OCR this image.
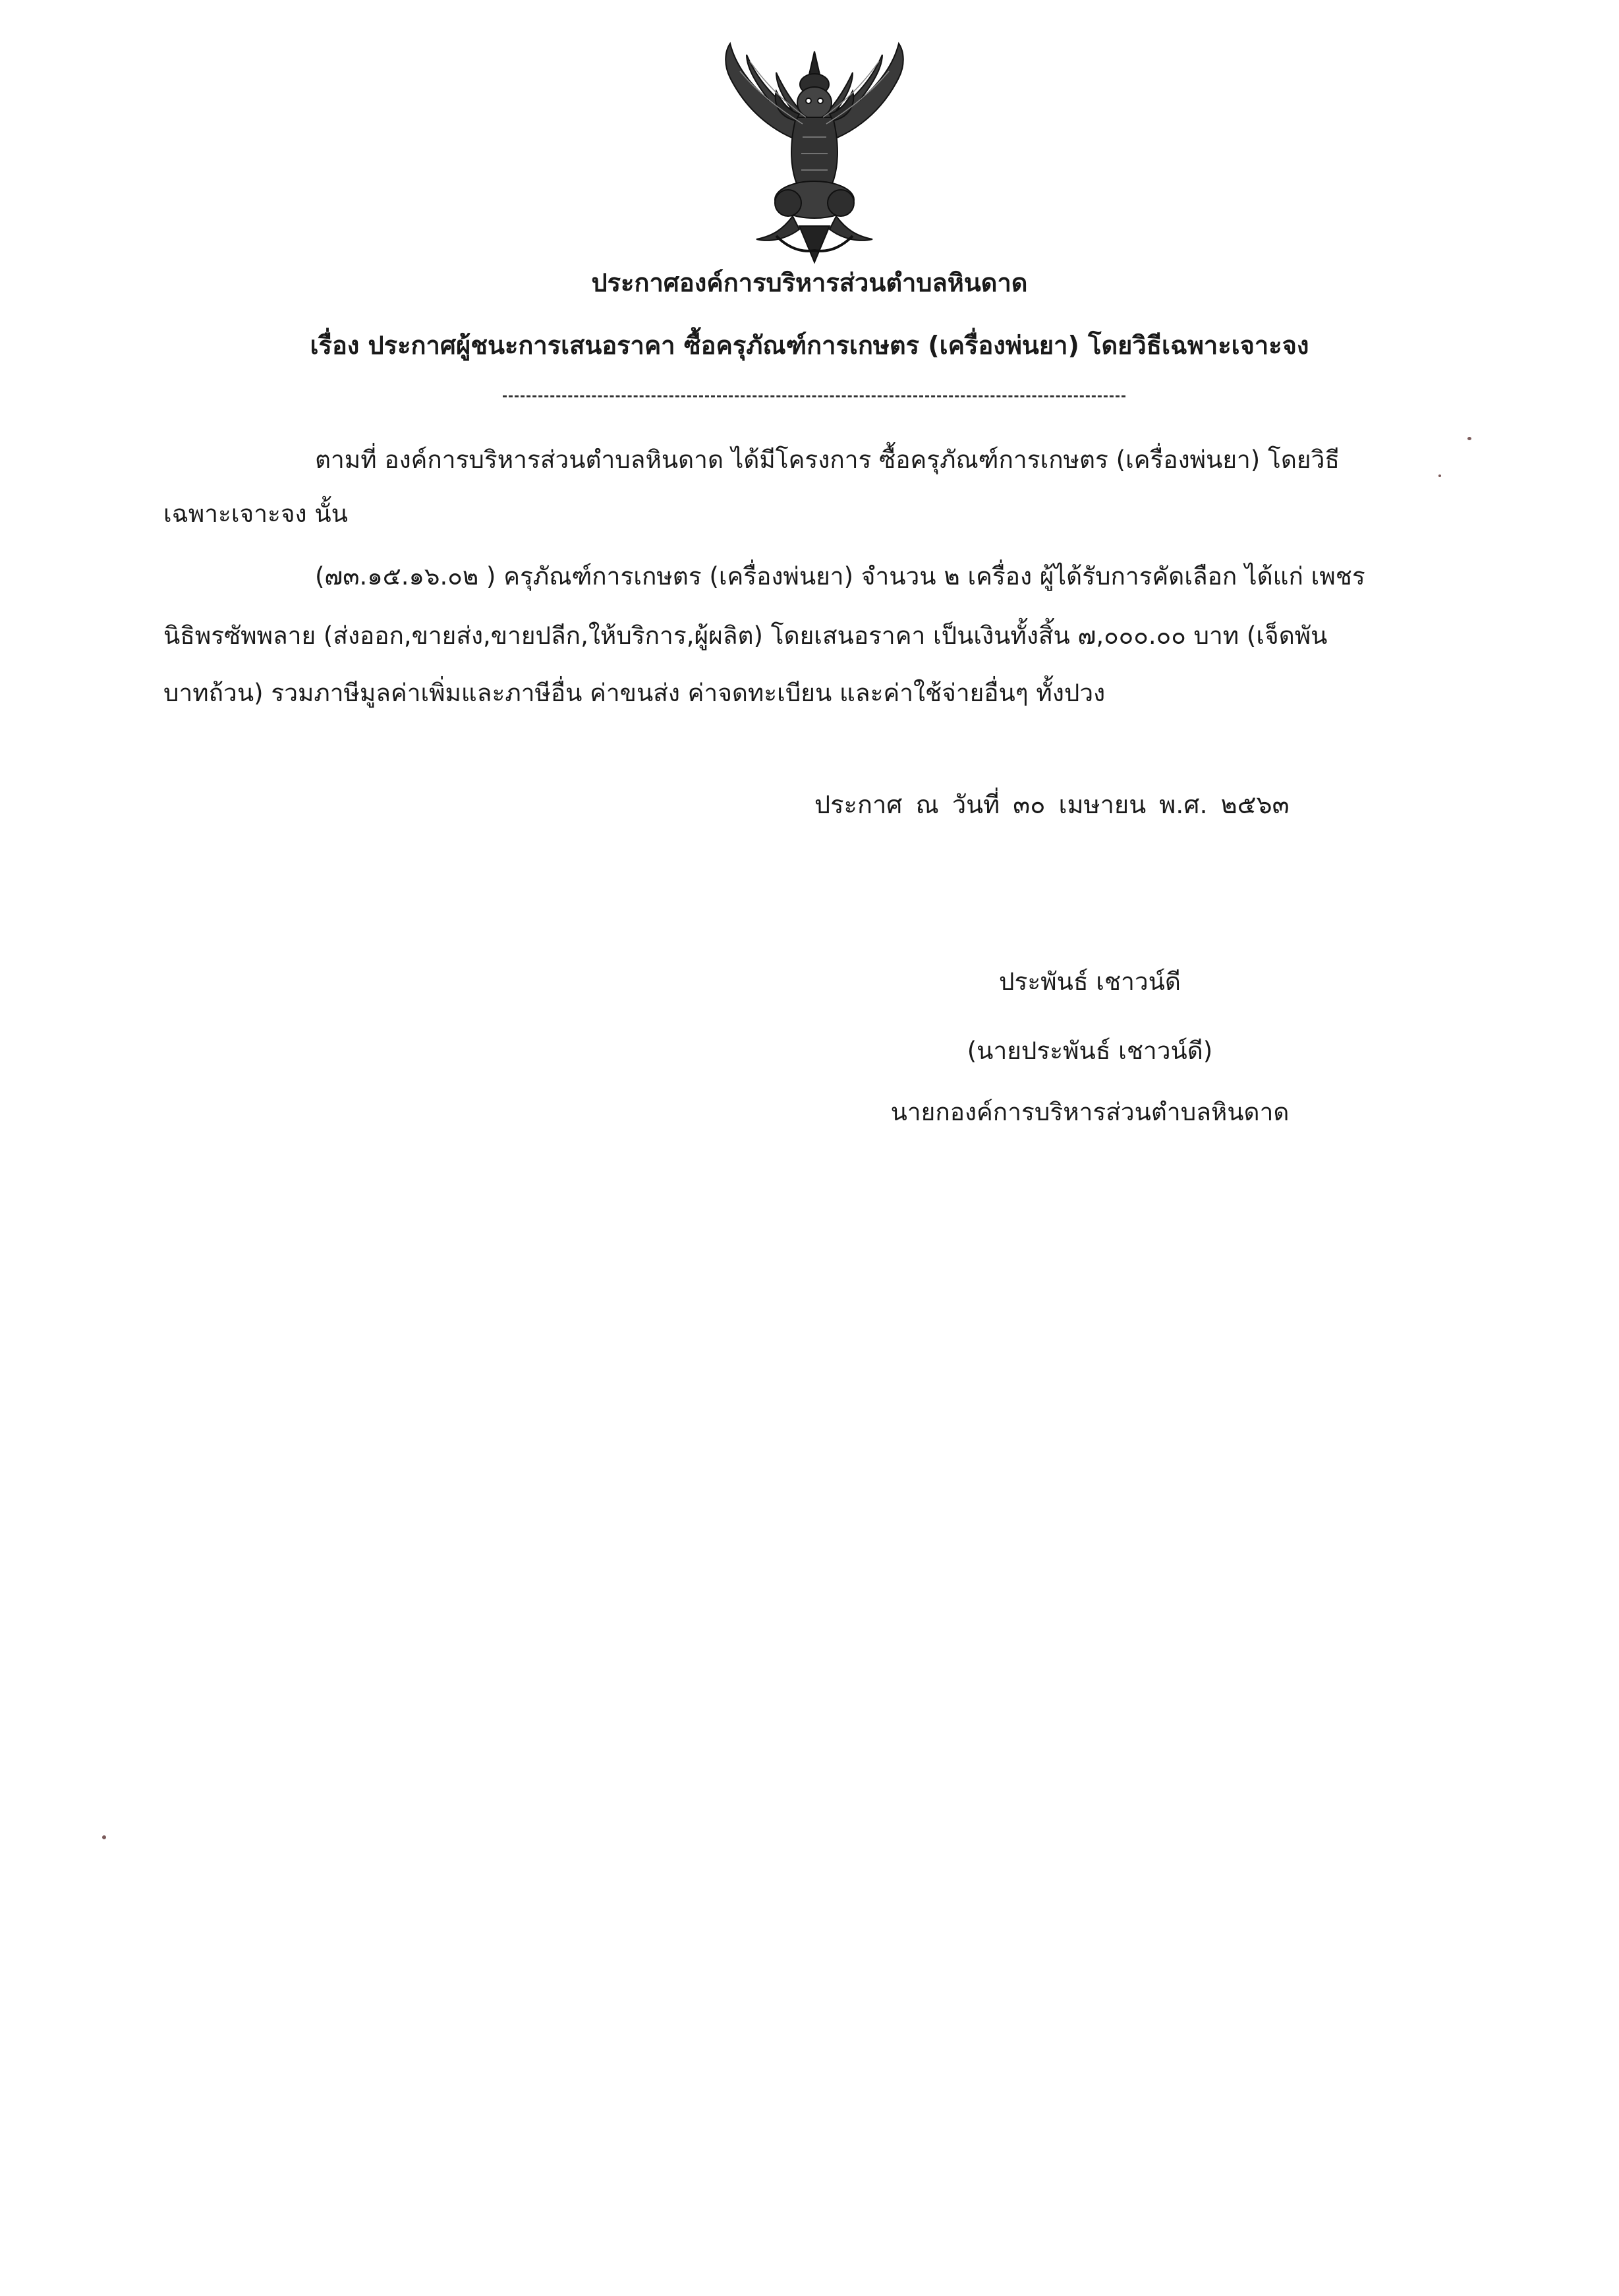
ประกาศองค์การบริหารส่วนตำบลหินดาด
เรื่อง ประกาศผู้ชนะการเสนอราคา ซื้อครุภัณฑ์การเกษตร (เครื่องพ่นยา) โดยวิธีเฉพาะเจาะจง
ตามที่ องค์การบริหารส่วนตำบลหินดาด ได้มีโครงการ ซื้อครุภัณฑ์การเกษตร (เครื่องพ่นยา) โดยวิธี
เฉพาะเจาะจง นั้น
(๗๓.๑๕.๑๖.๐๒ ) ครุภัณฑ์การเกษตร (เครื่องพ่นยา) จำนวน ๒ เครื่อง ผู้ได้รับการคัดเลือก ได้แก่ เพชร
นิธิพรซัพพลาย (ส่งออก,ขายส่ง,ขายปลีก,ให้บริการ,ผู้ผลิต) โดยเสนอราคา เป็นเงินทั้งสิ้น ๗,๐๐๐.๐๐ บาท (เจ็ดพัน
บาทถ้วน) รวมภาษีมูลค่าเพิ่มและภาษีอื่น ค่าขนส่ง ค่าจดทะเบียน และค่าใช้จ่ายอื่นๆ ทั้งปวง
ประกาศ ณ วันที่ ๓๐ เมษายน พ.ศ. ๒๕๖๓
ประพันธ์ เชาวน์ดี
(นายประพันธ์ เชาวน์ดี)
นายกองค์การบริหารส่วนตำบลหินดาด
